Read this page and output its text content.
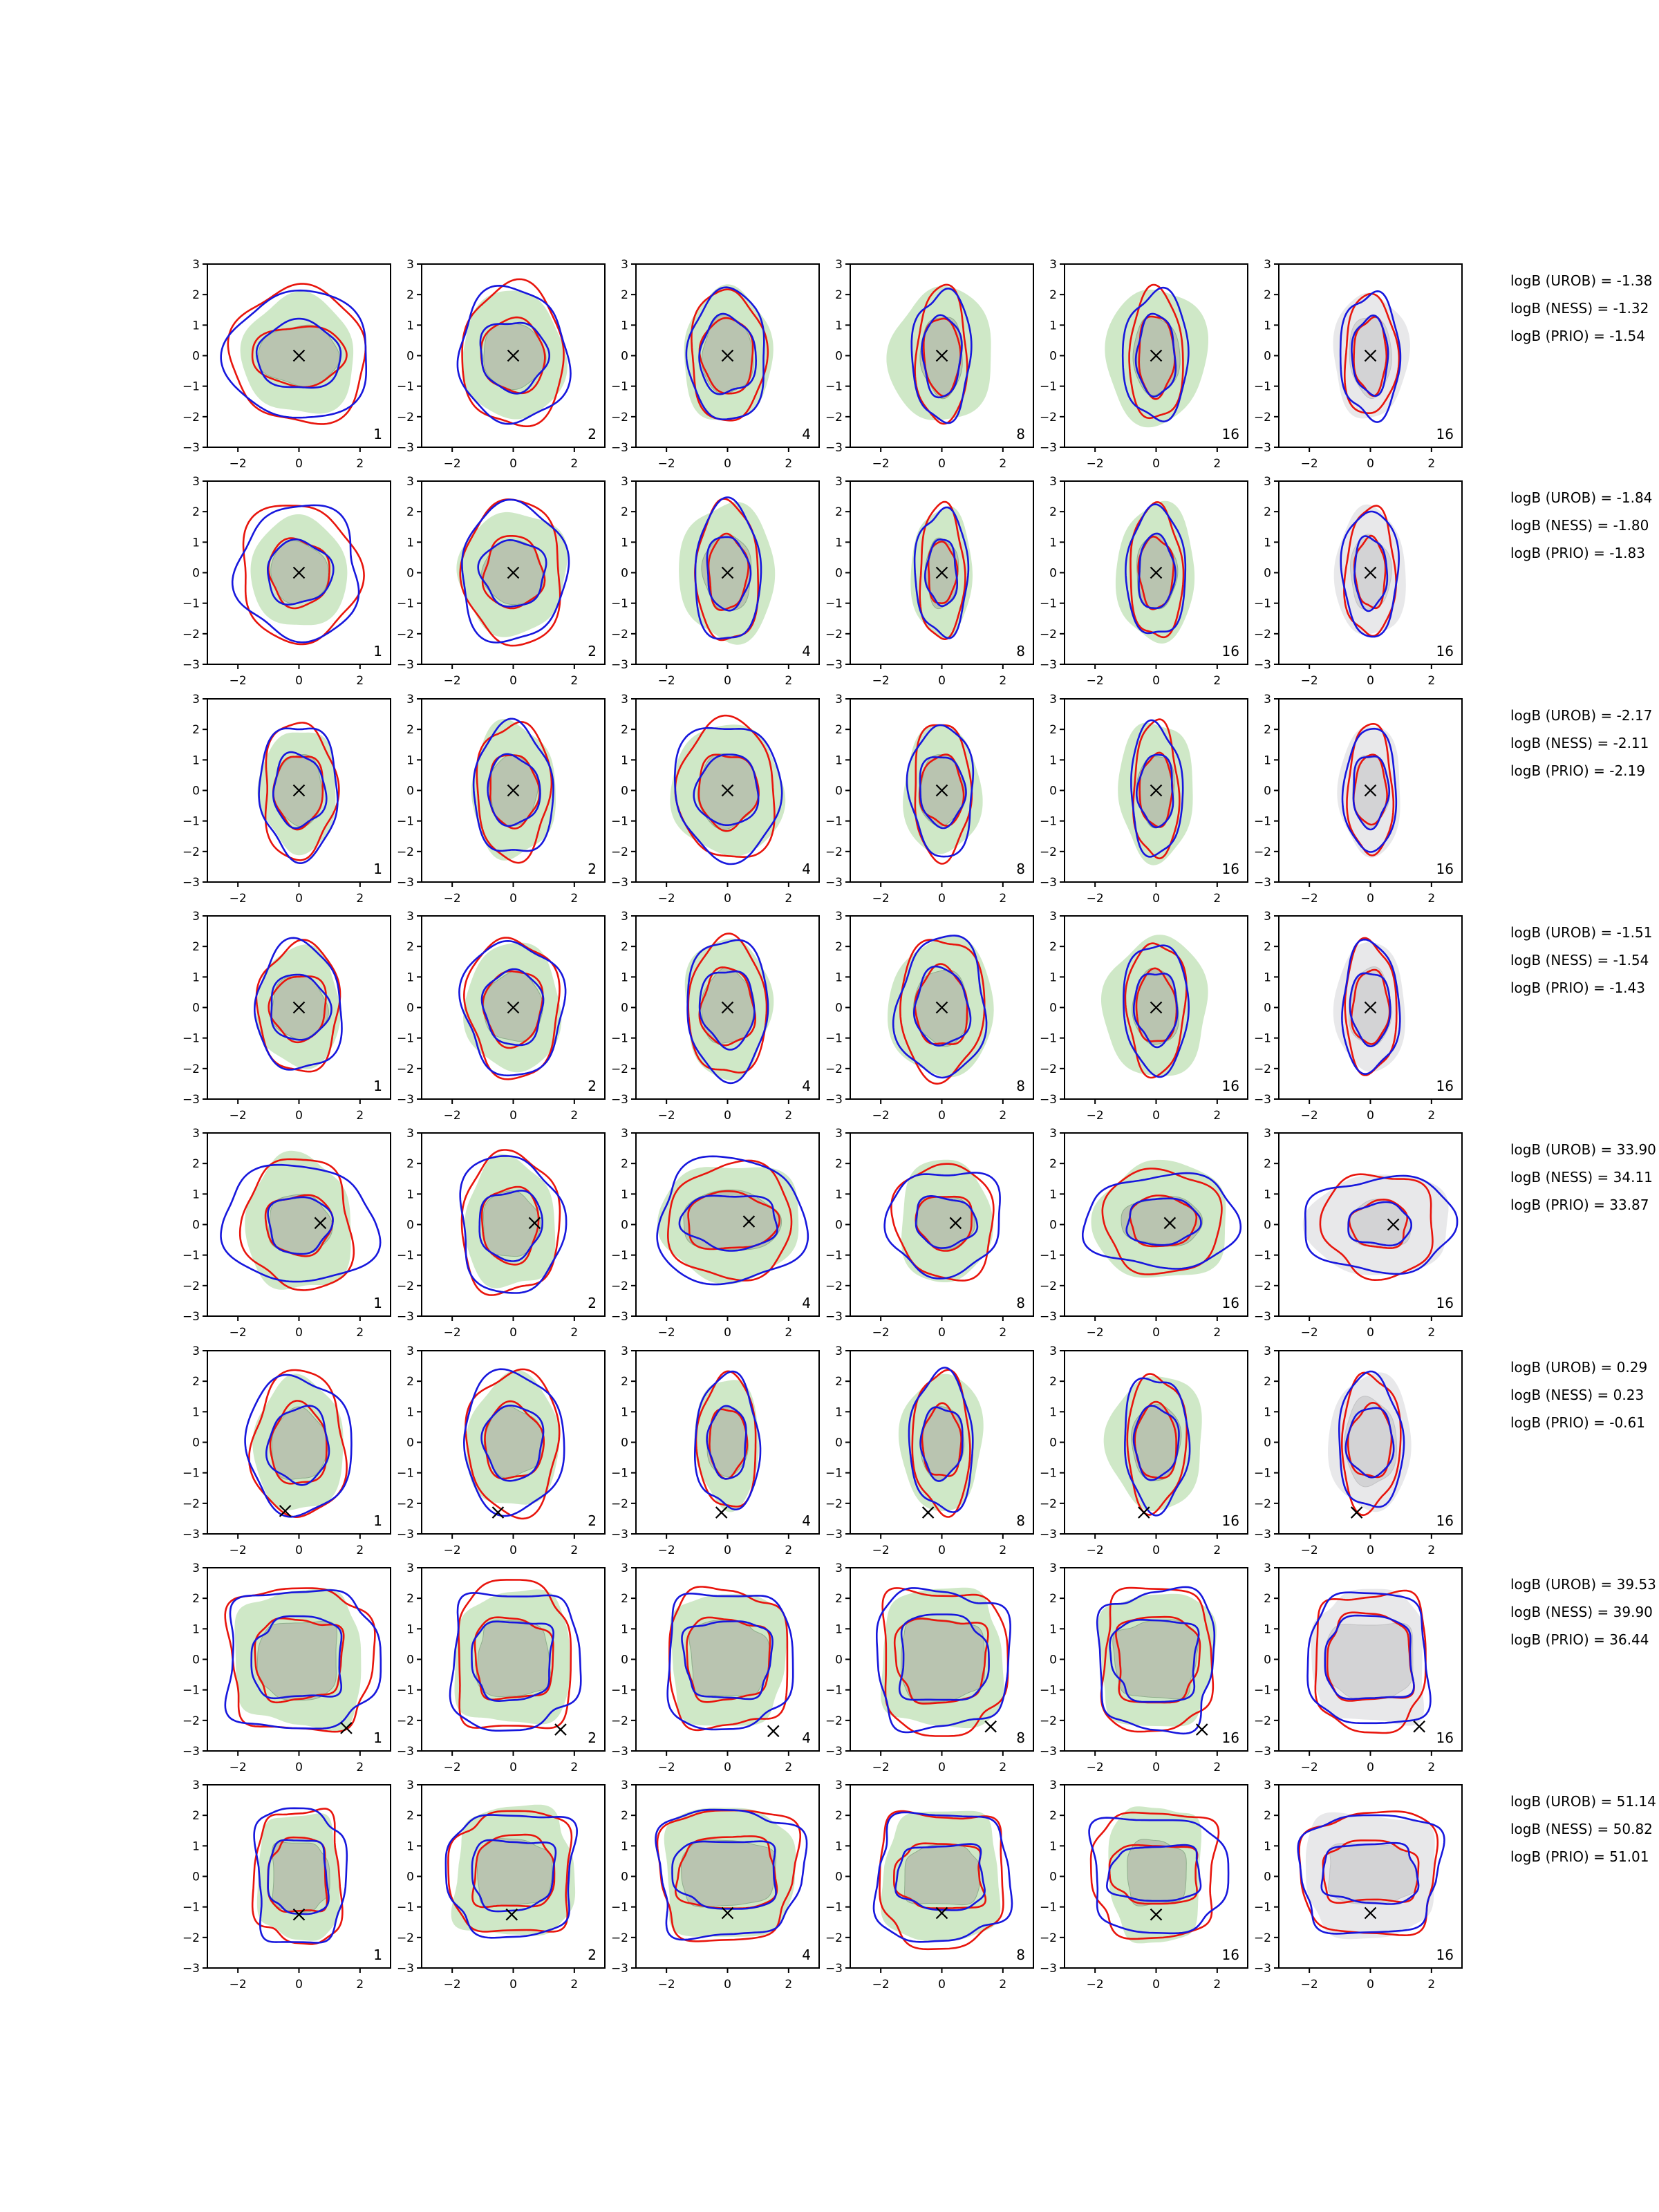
−2	0	2
3
2
1
0
−1
−2
−3
1
−2	0	2
3
2
1
0
−1
−2
−3
2
−2	0	2
3
2
1
0
−1
−2
−3
4
−2	0	2
3
2
1
0
−1
−2
−3
8
−2	0	2
3
2
1
0
−1
−2
−3
16
−2	0	2
3
2
1
0
−1
−2
−3
16
−2	0	2
3
2
1
0
−1
−2
−3
1
−2	0	2
3
2
1
0
−1
−2
−3
2
−2	0	2
3
2
1
0
−1
−2
−3
4
−2	0	2
3
2
1
0
−1
−2
−3
8
−2	0	2
3
2
1
0
−1
−2
−3
16
−2	0	2
3
2
1
0
−1
−2
−3
16
−2	0	2
3
2
1
0
−1
−2
−3
1
−2	0	2
3
2
1
0
−1
−2
−3
2
−2	0	2
3
2
1
0
−1
−2
−3
4
−2	0	2
3
2
1
0
−1
−2
−3
8
−2	0	2
3
2
1
0
−1
−2
−3
16
−2	0	2
3
2
1
0
−1
−2
−3
16
−2	0	2
3
2
1
0
−1
−2
−3
1
−2	0	2
3
2
1
0
−1
−2
−3
2
−2	0	2
3
2
1
0
−1
−2
−3
4
−2	0	2
3
2
1
0
−1
−2
−3
8
−2	0	2
3
2
1
0
−1
−2
−3
16
−2	0	2
3
2
1
0
−1
−2
−3
16
−2	0	2
3
2
1
0
−1
−2
−3
1
−2	0	2
3
2
1
0
−1
−2
−3
2
−2	0	2
3
2
1
0
−1
−2
−3
4
−2	0	2
3
2
1
0
−1
−2
−3
8
−2	0	2
3
2
1
0
−1
−2
−3
16
−2	0	2
3
2
1
0
−1
−2
−3
16
−2	0	2
3
2
1
0
−1
−2
−3
1
−2	0	2
3
2
1
0
−1
−2
−3
2
−2	0	2
3
2
1
0
−1
−2
−3
4
−2	0	2
3
2
1
0
−1
−2
−3
8
−2	0	2
3
2
1
0
−1
−2
−3
16
−2	0	2
3
2
1
0
−1
−2
−3
16
−2	0	2
3
2
1
0
−1
−2
−3
1
−2	0	2
3
2
1
0
−1
−2
−3
2
−2	0	2
3
2
1
0
−1
−2
−3
4
−2	0	2
3
2
1
0
−1
−2
−3
8
−2	0	2
3
2
1
0
−1
−2
−3
16
−2	0	2
3
2
1
0
−1
−2
−3
16
−2	0	2
3
2
1
0
−1
−2
−3
1
−2	0	2
3
2
1
0
−1
−2
−3
2
−2	0	2
3
2
1
0
−1
−2
−3
4
−2	0	2
3
2
1
0
−1
−2
−3
8
−2	0	2
3
2
1
0
−1
−2
−3
16
−2	0	2
3
2
1
0
−1
−2
−3
16
logB (UROB) = -1.38
logB (NESS) = -1.32
logB (PRIO) = -1.54
logB (UROB) = -1.84
logB (NESS) = -1.80
logB (PRIO) = -1.83
logB (UROB) = -2.17
logB (NESS) = -2.11
logB (PRIO) = -2.19
logB (UROB) = -1.51
logB (NESS) = -1.54
logB (PRIO) = -1.43
logB (UROB) = 33.90
logB (NESS) = 34.11
logB (PRIO) = 33.87
logB (UROB) = 0.29
logB (NESS) = 0.23
logB (PRIO) = -0.61
logB (UROB) = 39.53
logB (NESS) = 39.90
logB (PRIO) = 36.44
logB (UROB) = 51.14
logB (NESS) = 50.82
logB (PRIO) = 51.01
